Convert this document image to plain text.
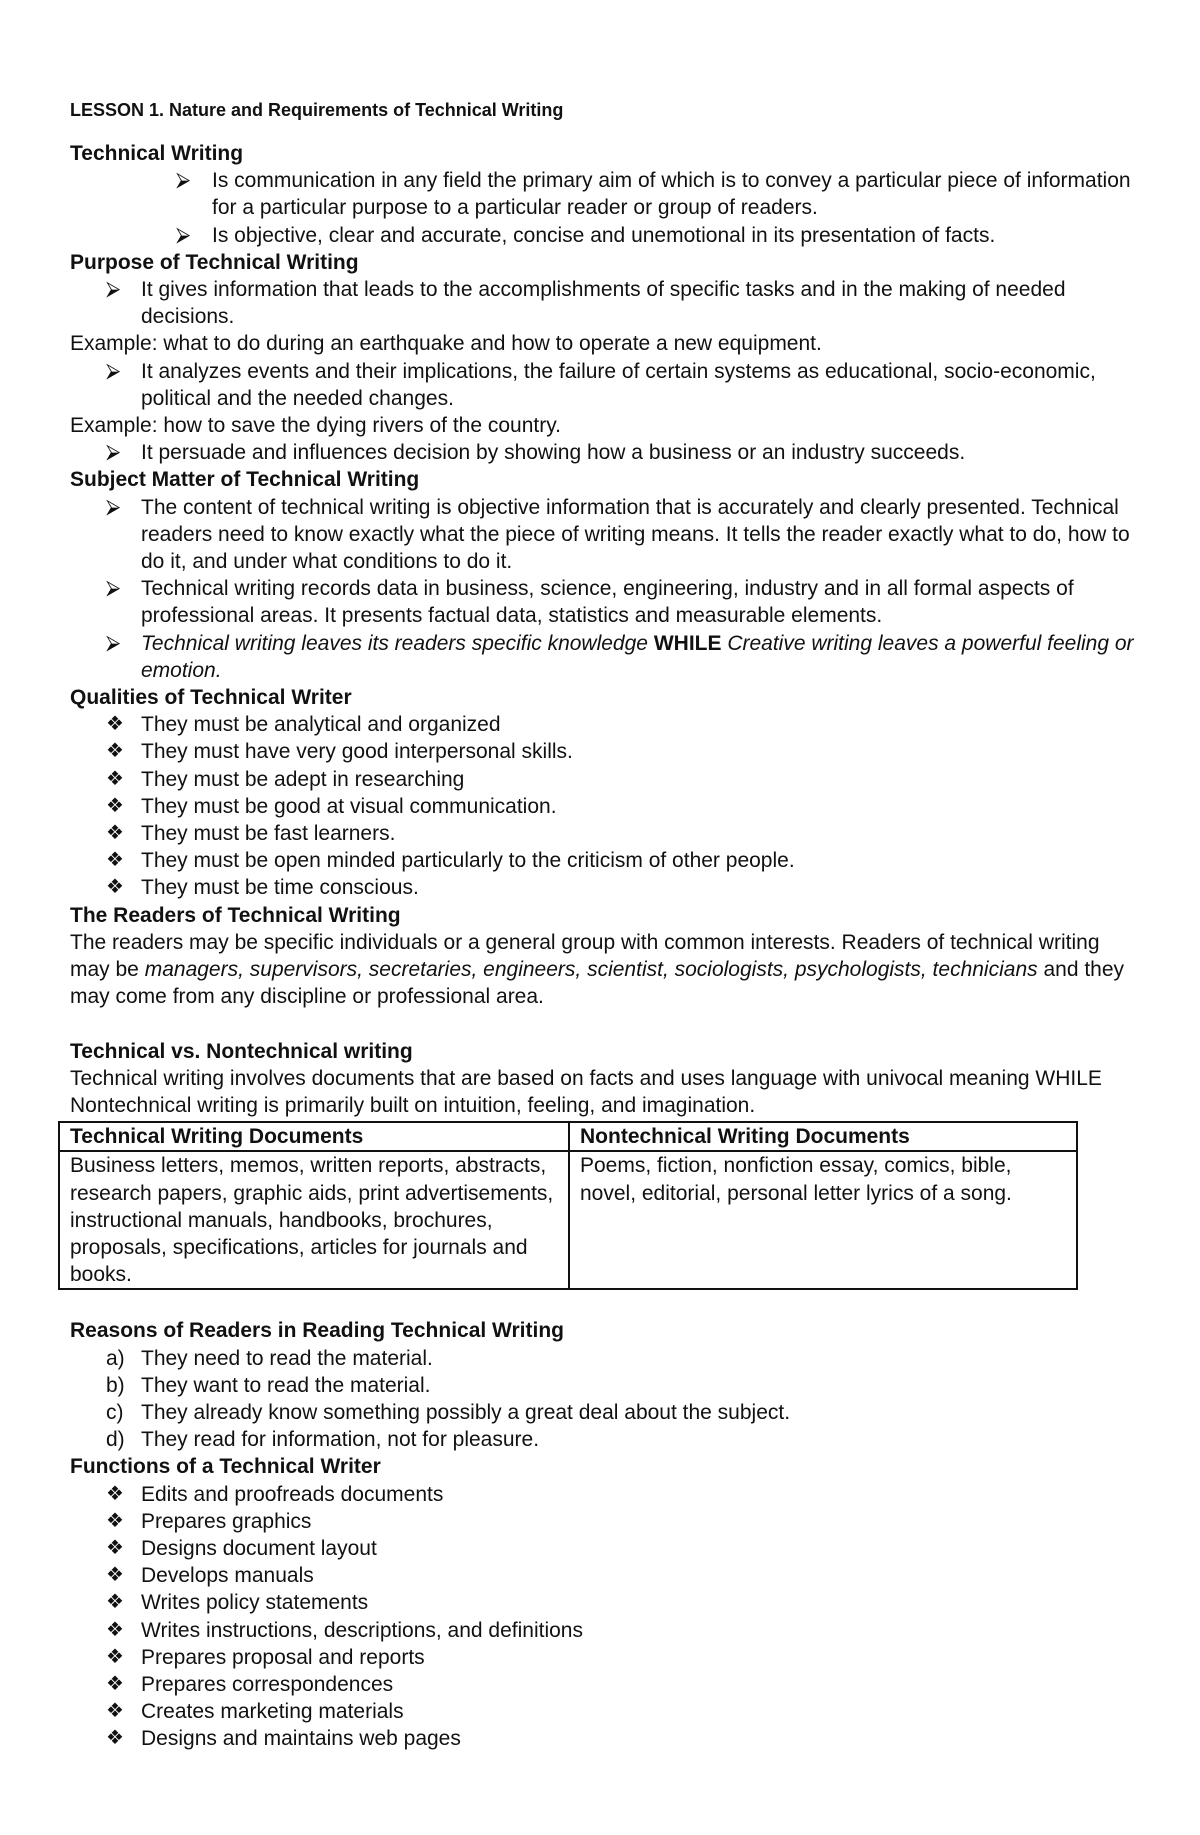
LESSON 1. Nature and Requirements of Technical Writing
Technical Writing
⮚ Is communication in any field the primary aim of which is to convey a particular piece of information for a particular purpose to a particular reader or group of readers.
⮚ Is objective, clear and accurate, concise and unemotional in its presentation of facts.
Purpose of Technical Writing
⮚ It gives information that leads to the accomplishments of specific tasks and in the making of needed decisions.
Example: what to do during an earthquake and how to operate a new equipment.
⮚ It analyzes events and their implications, the failure of certain systems as educational, socio-economic, political and the needed changes.
Example: how to save the dying rivers of the country.
⮚ It persuade and influences decision by showing how a business or an industry succeeds.
Subject Matter of Technical Writing
⮚ The content of technical writing is objective information that is accurately and clearly presented. Technical readers need to know exactly what the piece of writing means. It tells the reader exactly what to do, how to do it, and under what conditions to do it.
⮚ Technical writing records data in business, science, engineering, industry and in all formal aspects of professional areas. It presents factual data, statistics and measurable elements.
⮚ Technical writing leaves its readers specific knowledge WHILE Creative writing leaves a powerful feeling or emotion.
Qualities of Technical Writer
❖ They must be analytical and organized
❖ They must have very good interpersonal skills.
❖ They must be adept in researching
❖ They must be good at visual communication.
❖ They must be fast learners.
❖ They must be open minded particularly to the criticism of other people.
❖ They must be time conscious.
The Readers of Technical Writing
The readers may be specific individuals or a general group with common interests. Readers of technical writing may be managers, supervisors, secretaries, engineers, scientist, sociologists, psychologists, technicians and they may come from any discipline or professional area.
Technical vs. Nontechnical writing
Technical writing involves documents that are based on facts and uses language with univocal meaning WHILE Nontechnical writing is primarily built on intuition, feeling, and imagination.
Technical Writing Documents	Nontechnical Writing Documents
Business letters, memos, written reports, abstracts, research papers, graphic aids, print advertisements, instructional manuals, handbooks, brochures, proposals, specifications, articles for journals and books.	Poems, fiction, nonfiction essay, comics, bible, novel, editorial, personal letter lyrics of a song.
Reasons of Readers in Reading Technical Writing
a) They need to read the material.
b) They want to read the material.
c) They already know something possibly a great deal about the subject.
d) They read for information, not for pleasure.
Functions of a Technical Writer
❖ Edits and proofreads documents
❖ Prepares graphics
❖ Designs document layout
❖ Develops manuals
❖ Writes policy statements
❖ Writes instructions, descriptions, and definitions
❖ Prepares proposal and reports
❖ Prepares correspondences
❖ Creates marketing materials
❖ Designs and maintains web pages
